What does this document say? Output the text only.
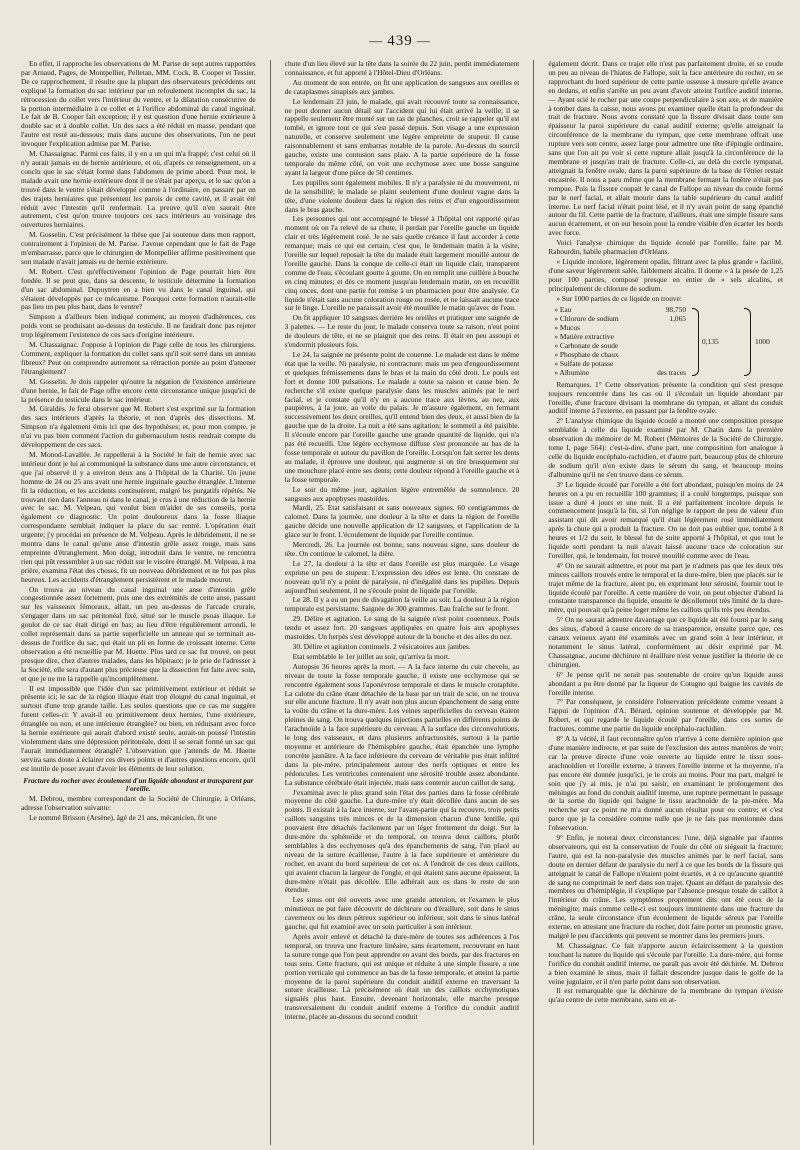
— 439 —

En effet, il rapproche les observations de M. Parise de sept autres rapportées par Arnaud, Pages, de Montpellier, Pelletan, MM. Cock, B. Cooper et Tessier. De ce rapprochement, il résulte que la plupart des observateurs précédents ont expliqué la formation du sac intérieur par un refoulement incomplet du sac, la rétrocession du collet vers l'intérieur du ventre, et la dilatation consécutive de la portion intermédiaire à ce collet et à l'orifice abdominal du canal inguinal. Le fait de B. Cooper fait exception; il y est question d'une hernie extérieure à double sac et à double collet. Un des sacs a été réduit en masse, pendant que l'autre est resté au-dessous; mais dans aucune des observations, l'on ne peut invoquer l'explication admise par M. Parise.

M. Chassaignac. Parmi ces faits, il y en a un qui m'a frappé; c'est celui où il n'y aurait jamais eu de hernie antérieure, et où, d'après ce renseignement, on a conclu que le sac s'était formé dans l'abdomen de prime abord. Pour moi, le malade avait une hernie extérieure dont il ne s'était par aperçu, et le sac qu'on a trouvé dans le ventre s'était développé comme à l'ordinaire, en passant par un des trajets herniaires que présentent les parois de cette cavité, et il avait été réduit avec l'intestin qu'il renfermait. La preuve qu'il n'en saurait être autrement, c'est qu'on trouve toujours ces sacs intérieurs au voisinage des ouvertures herniaires.

M. Gosselin. C'est précisément la thèse que j'ai soutenue dans mon rapport, contrairement à l'opinion de M. Parise. J'avoue cependant que le fait de Page m'embarrasse, parce que le chirurgien de Montpellier affirme positivement que son malade n'avait jamais eu de hernie extérieure.

M. Robert. C'est qu'effectivement l'opinion de Page pourrait bien être fondée. Il se peut que, dans sa descente, le testicule détermine la formation d'un sac abdominal. Dupuytren en a bien vu dans le canal inguinal, qui s'étaient développés par ce mécanisme. Pourquoi cette formation n'aurait-elle pas lieu un peu plus haut, dans le ventre?

Simpson a d'ailleurs bien indiqué comment, au moyen d'adhérences, ces poids vont se produisant au-dessus du testicule. Il ne faudrait donc pas rejeter trop légèrement l'existence de ces sacs d'origine intérieure.

M. Chassaignac. J'oppose à l'opinion de Page celle de tous les chirurgiens. Comment, expliquer la formation du collet sans qu'il soit serré dans un anneau fibreux? Peut on comprendre autrement sa rétraction portée au point d'amener l'étranglement?

M. Gosselin. Je dois rappeler qu'outre la négation de l'existence antérieure d'une hernie, le fait de Page offre encore cette circonstance unique jusqu'ici de la présence du testicule dans le sac intérieur.

M. Giraldès. Je ferai observer que M. Robert s'est exprimé sur la formation des sacs intérieurs d'après la théorie, et non d'après des dissections. M. Simpson n'a également émis ici que des hypothèses; et, pour mon compte, je n'ai vu pas bien comment l'action du gubernaculum testis rendrait compte du développement de ces sacs.

M. Monod-Lavallée. Je rappellerai à la Société le fait de hernie avec sac intérieur dont je lui ai communiqué la substance dans une autre circonstance, et que j'ai observé il y a environ deux ans à l'hôpital de la Charité. Un jeune homme de 24 ou 25 ans avait une hernie inguinale gauche étranglée. L'interne fit la réduction, et les accidents continuèrent, malgré les purgatifs répétés. Ne trouvant rien dans l'anneau ni dans le canal, je crus à une réduction de la hernie avec le sac. M. Velpeau, qui voulut bien m'aider de ses conseils, porta également ce diagnostic. Un point douloureux dans la fosse iliaque correspondante semblait indiquer la place du sac rentré. L'opération était urgente; j'y procédai en présence de M. Velpeau. Après le débridement, il ne se montra dans le canal qu'une anse d'intestin grêle assez rouge, mais sans empreinte d'étranglement. Mon doigt, introduit dans le ventre, ne rencontra rien qui pût ressembler à un sac réduit sur le viscère étranglé. M. Velpeau, à ma prière, examina l'état des choses, fit un nouveau débridement et ne fut pas plus heureux. Les accidents d'étranglement persistèrent et le malade mourut.

On trouva au niveau du canal inguinal une anse d'intestin grêle congestionnée assez fortement, puis une des extrémités de cette anse, passant sur les vaisseaux fémoraux, allait, un peu au-dessus de l'arcade crurale, s'engager dans un sac péritonéal fixé, situé sur le muscle psoas iliaque. Le goulot de ce sac était dirigé en bas; au lieu d'être régulièrement arrondi, le collet représentait dans sa partie superficielle un anneau qui se terminait au-dessus de l'orifice du sac, qui était un pli en forme de croissant interne. Cette observation a été recueillie par M. Huette. Plus tard ce sac fut trouvé, on peut presque dire, chez d'autres malades, dans les hôpitaux; je le prie de l'adresser à la Société, elle sera d'autant plus précieuse que la dissection fut faite avec soin, et que je ne me la rappelle qu'incomplètement.

Il est impossible que l'idée d'un sac primitivement extérieur et réduit se présente ici; le sac de la région iliaque était trop éloigné du canal inguinal, et surtout d'une trop grande taille. Les seules questions que ce cas me suggère furent celles-ci: Y avait-il eu primitivement deux hernies, l'une extérieure, étranglée ou non, et une intérieure étranglée? ou bien, en réduisant avec force la hernie extérieure qui aurait d'abord existé seule, aurait-on poussé l'intestin violemment dans une dépression péritonéale, dont il se serait formé un sac qui l'aurait immédiatement étranglé? L'observation que j'attends de M. Huette servira sans doute à éclairer ces divers points et d'autres questions encore, qu'il est inutile de poser avant d'avoir les éléments de leur solution.

Fracture du rocher avec écoulement d'un liquide abondant et transparent par l'oreille.

M. Debrou, membre correspondant de la Société de Chirurgie, à Orléans, adresse l'observation suivante:

Le nommé Brisson (Arsène), âgé de 21 ans, mécanicien, fit une

chute d'un lieu élevé sur la tête dans la soirée du 22 juin, perdit immédiatement connaissance, et fut apporté à l'Hôtel-Dieu d'Orléans.

Au moment de son entrée, on fit une application de sangsues aux oreilles et de cataplasmes sinapisés aux jambes.

Le lendemain 23 juin, le malade, qui avait recouvré toute sa connaissance, ne peut donner aucun détail sur l'accident qui lui était arrivé la veille; il se rappelle seulement être monté sur un tas de planches, croit se rappeler qu'il est tombé, et ignore tout ce qui s'est passé depuis. Son visage a une expression naturelle, et conserve seulement une légère empreinte de stupeur. Il cause raisonnablement et sans embarras notable de la parole. Au-dessus du sourcil gauche, existe une contusion sans plaie. A la partie supérieure de la fosse temporale du même côté, on voit une ecchymose avec une bosse sanguine ayant la largeur d'une pièce de 50 centimes.

Les pupilles sont également mobiles. Il n'y a paralysie ni du mouvement, ni de la sensibilité; le malade se plaint seulement d'une douleur vague dans la tête, d'une violente douleur dans la région des reins et d'un engourdissement dans le bras gauche.

Les personnes qui ont accompagné le blessé à l'hôpital ont rapporté qu'au moment où on l'a relevé de sa chute, il perdait par l'oreille gauche un liquide clair et très légèrement rosé. Je ne sais quelle créance il faut accorder à cette remarque; mais ce qui est certain, c'est que, le lendemain matin à la visite, l'oreille sur lequel reposait la tête du malade était largement mouillé autour de l'oreille gauche. Dans la conque de celle-ci était un liquide clair, transparent comme de l'eau, s'écoulant goutte à goutte. On en remplit une cuillère à bouche en cinq minutes; et dès ce moment jusqu'au lendemain matin, on en recueillit cinq onces, dont une partie fut remise à un pharmacien pour être analysée. Ce liquide n'était sans aucune coloration rouge ou rosée, et ne laissait aucune trace sur le linge. L'oreille ne paraissait avoir été mouillée le matin qu'avec de l'eau.

On fit appliquer 10 sangsues derrière les oreilles et pratiquer une saignée de 3 palettes. — Le reste du jour, le malade conserva toute sa raison, n'eut point de douleurs de tête, et ne se plaignit que des reins. Il était en peu assoupi et s'endormit plusieurs fois.

Le 24, la saignée ne présente point de couenne. Le malade est dans le même état que la veille. Ni paralysie, ni contracture; mais un peu d'engourdissement et quelques frémissements dans le bras et la main du côté droit. Le pouls est fort et donne 100 pulsations. Le malade a toute sa raison et cause bien. Je recherche s'il existe quelque paralysie dans les muscles animés par le nerf facial, et je constate qu'il n'y en a aucune trace aux lèvres, au nez, aux paupières, à la joue, au voile du palais. Je m'assure également, en fermant successivement les deux oreilles, qu'il entend bien des deux, et aussi bien de la gauche que de la droite. La nuit a été sans agitation; le sommeil a été paisible. Il s'écoule encore par l'oreille gauche une grande quantité de liquide, qui n'a pas été recueilli. Une légère ecchymose diffuse s'est prononcée au bas de la fosse temporale et autour du pavillon de l'oreille. Lorsqu'on fait serrer les dents au malade, il éprouve une douleur, qui augmente si on tire brusquement sur une mouchure placé entre ses dents; cette douleur répond à l'oreille gauche et à la fosse temporale.

Le soir du même jour, agitation légère entremêlée de somnolence. 20 sangsues aux apophyses mastoïdes.

Mardi, 25. Etat satisfaisant et sans nouveaux signes. 60 centigrammes de calomel. Dans la journée, une douleur à la tête et dans la région de l'oreille gauche décide une nouvelle application de 12 sangsues, et l'application de la glace sur le front. L'écoulement de liquide par l'oreille continue.

Mercredi, 26. La journée est bonne, sans nouveau signe, sans douleur de tête. On continue le calomel, la diète.

Le 27, la douleur à la tête et dans l'oreille est plus marquée. Le visage exprime un peu de stupeur. L'expression des idées est lente. On constate de nouveau qu'il n'y a point de paralysie, ni d'inégalité dans les pupilles. Depuis aujourd'hui seulement, il ne s'écoule point de liquide par l'oreille.

Le 28. Il y a eu un peu de divagation la veille au soir. La douleur à la région temporale est persistante. Saignée de 300 grammes. Eau fraîche sur le front.

29. Délire et agitation. Le sang de la saignée n'est point couenneux. Pouls tendu et assez fort. 20 sangsues appliquées en quatre fois aux apophyses mastoïdes. Un herpès s'est développé autour de la bouche et des ailes du nez.

30. Délire et agitation continuels. 2 vésicatoires aux jambes.

Etat semblable le 1er juillet au soir, qu'arriva la mort.

Autopsie 36 heures après la mort. — A la face interne du cuir chevelu, au niveau de toute la fosse temporale gauche, il existe une ecchymose qui se rencontre également sous l'aponévrose temporale et dans le muscle crotaphite. La calotte du crâne étant détachée de la base par un trait de scie, on ne trouva sur elle aucune fracture. Il n'y avait non plus aucun épanchement de sang entre la voûte du crâne et la dure-mère. Les veines superficielles du cerveau étaient pleines de sang. On trouva quelques injections partielles en différents points de l'arachnoïde à la face supérieure du cerveau. A la surface des circonvolutions, le long des vaisseaux, et dans plusieurs anfractuosités, surtout à la partie moyenne et antérieure de l'hémisphère gauche, était épanchée une lymphe concrète jaunâtre. A la face inférieure du cerveau de véritable pus était infiltré dans la pie-mère, principalement autour des nerfs optiques et entre les pédoncules. Les ventricules contenaient une sérosité trouble assez abondante. La substance cérébrale était injectée, mais sans contenir aucun caillot de sang.

J'examinai avec le plus grand soin l'état des parties dans la fosse cérébrale moyenne du côté gauche. La dure-mère n'y était décollée dans aucun de ses points. Il existait à la face interne, sur l'avant-partie qui la recouvre, trois petits caillots sanguins très minces et de la dimension chacun d'une lentille, qui pouvaient être détachés facilement par un léger frottement du doigt. Sur la dure-mère du sphénoïde et du temporal, on trouva deux caillots, plutôt semblables à des ecchymoses qu'à des épanchements de sang, l'un placé au niveau de la suture écailleuse, l'autre à la face supérieure et antérieure du rocher, en avant du bord supérieur de cet os. A l'endroit de ces deux caillots, qui avaient chacun la largeur de l'ongle, et qui étaient sans aucune épaisseur, la dure-mère n'était pas décollée. Elle adhérait aux os dans le reste de son étendue.

Les sinus ont été ouverts avec une grande attention, et l'examen le plus minutieux ne put faire découvrir de déchirure ou d'éraillure, soit dans le sinus caverneux ou les deux pétreux supérieur ou inférieur, soit dans le sinus latéral gauche, qui fut examiné avec un soin particulier à son intérieur.

Après avoir enlevé et détaché la dure-mère de toutes ses adhérences à l'os temporal, on trouva une fracture linéaire, sans écartement, recouvrant en haut la suture ronge que l'on peut apprendre en avant des bords, par des fractures en tous sens. Cette fracture, qui est unique et réduite à une simple fissure, a une portion verticale qui commence au bas de la fosse temporale, et atteint la partie moyenne de la paroi supérieure du conduit auditif externe en traversant la suture écailleuse. Là précisément où était un des caillots ecchymotiques signalés plus haut. Ensuite, devenant horizontale, elle marche presque transversalement du conduit auditif externe à l'orifice du conduit auditif interne, placée au-dessous du second conduit

également décrit. Dans ce trajet elle n'est pas parfaitement droite, et se coude un peu au niveau de l'hiatus de Fallope, suit la face antérieure du rocher, en se rapprochant du bord supérieur de cette partie osseuse à mesure qu'elle avance en dedans, et enfin s'arrête un peu avant d'avoir atteint l'orifice auditif interne. — Ayant scié le rocher par une coupe perpendiculaire à son axe, et de manière à tomber dans la caisse, nous avons pu examiner quelle était la profondeur du trait de fracture. Nous avons constaté que la fissure divisait dans toute son épaisseur la paroi supérieure du canal auditif externe; qu'elle atteignait la circonférence de la membrane du tympan, que cette membrane offrait une rupture vers son centre, assez large pour admettre une tête d'épingle ordinaire, sans que l'on ait pu voir si cette rupture allait jusqu'à la circonférence de la membrane et jusqu'au trait de fracture. Celle-ci, au delà du cercle tympanal, atteignait la fenêtre ovale, dans la paroi supérieure de la base de l'étrier restait encastrée. Il nous a paru même que la membrane fermant la fenêtre n'était pas rompue. Puis la fissure coupait le canal de Fallope au niveau du coude formé par le nerf facial, et allait mourir dans la table supérieure du canal auditif interne. Le nerf facial n'était point lésé, et il n'y avait point de sang épanché autour du fil. Cette partie de la fracture, d'ailleurs, était une simple fissure sans aucun écartement, et on eut besoin pour la rendre visible d'en écarter les bords avec force.

Voici l'analyse chimique du liquide écoulé par l'oreille, faite par M. Rabourdin, habile pharmacien d'Orléans.

« Liquide incolore, légèrement opalin, filtrant avec la plus grande » facilité, d'une saveur légèrement salée, faiblement alcalin. Il donne » à la pesée de 1,25 pour 100 parties, composé presque en entier de » sels alcalins, et principalement de chlorure de sodium.

» Sur 1000 parties de ce liquide on trouve:

» Eau	98,750
» Chlorure de sodium	1,065
» Mucus
» Matière extractive
» Carbonate de soude
» Phosphate de chaux
» Sulfate de potasse
» Albumine	des traces
0,135	1000

Remarques. 1° Cette observation présente la condition qui s'est presque toujours rencontrée dans les cas où il s'écoulait un liquide abondant par l'oreille, d'une fracture divisant la membrane du tympan, et allant du conduit auditif interne à l'externe, en passant par la fenêtre ovale.

2° L'analyse chimique du liquide écoulé a montré une composition presque semblable à celle du liquide examiné par M. Chatin dans la première observation du mémoire de M. Robert (Mémoires de la Société de Chirurgie, tome I, page 564): c'est-à-dire, d'une part, une composition fort analogue à celle du liquide encéphalo-rachidien, et d'autre part, beaucoup plus de chlorure de sodium qu'il n'en existe dans le sérum du sang, et beaucoup moins d'albumine qu'il ne s'en trouve dans ce sérum.

3° Le liquide écoulé par l'oreille a été fort abondant, puisqu'en moins de 24 heures on a pu en recueillir 100 grammes; il a coulé longtemps, puisque son issue a duré 4 jours et une nuit. Il a été parfaitement incolore depuis le commencement jusqu'à la fin, si l'on néglige le rapport de peu de valeur d'un assistant qui dit avoir remarqué qu'il était légèrement rosé immédiatement après la chute qui a produit la fracture. On ne doit pas oublier que, tombé à 8 heures et 1/2 du soir, le blessé fut de suite apporté à l'hôpital, et que tout le liquide sorti pendant la nuit n'avait laissé aucune trace de coloration sur l'oreiller, qui, le lendemain, fut trouvé mouillé comme avec de l'eau.

4° On ne saurait admettre, et pour ma part je n'admets pas que les deux très minces caillots trouvés entre le temporal et la dure-mère, bien que placés sur le trajet même de la fracture, aient pu, en exprimant leur sérosité, fournir tout le liquide écoulé par l'oreille. A cette manière de voir, on peut objecter d'abord la constante transparence du liquide, ensuite le décollement très limité de la dure-mère, qui pouvait qu'à peine loger même les caillots qu'ils très peu étendus.

5° On ne saurait admettre davantage que ce liquide ait été fourni par le sang des sinus, d'abord à cause encore de sa transparence, ensuite parce que, ces canaux veineux ayant été examinés avec un grand soin à leur intérieur, et notamment le sinus latéral, conformément au désir exprimé par M. Chassaignac, aucune déchirure ni éraillure n'est venue justifier la théorie de ce chirurgien.

6° Je pense qu'il ne serait pas soutenable de croire qu'un liquide aussi abondant a pu être donné par la liqueur de Cotugno qui baigne les cavités de l'oreille interne.

7° Par conséquent, je considère l'observation précédente comme venant à l'appui de l'opinion d'A. Bérard, opinion soutenue et développée par M. Robert, et qui regarde le liquide écoulé par l'oreille, dans ces sortes de fractures, comme une partie du liquide encéphalo-rachidien.

8° A la vérité, il faut reconnaître qu'on n'arrive à cette dernière opinion que d'une manière indirecte, et par suite de l'exclusion des autres manières de voir; car la preuve directe d'une voie ouverte au liquide entre le tissu sous-arachnoïdien et l'oreille externe, à travers l'oreille interne et la moyenne, n'a pas encore été donnée jusqu'ici, je le crois au moins. Pour ma part, malgré le soin que j'y ai mis, je n'ai pu saisir, en examinant le prolongement des méninges au fond du conduit auditif interne, une rupture permettant le passage de la sortie du liquide qui baigne le tissu arachnoïde de la pie-mère. Ma recherche sur ce point ne m'a donné aucun résultat pour ou contre; et c'est parce que je la considère comme nulle que je ne fais pas mentionnée dans l'observation.

9° Enfin, je noterai deux circonstances: l'une, déjà signalée par d'autres observateurs, qui est la conservation de l'ouïe du côté où siégeait la fracture; l'autre, qui est la non-paralysie des muscles animés par le nerf facial, sans doute en dernier défaut de paralysie du nerf à ce que les bords de la fissure qui atteignait le canal de Fallope n'étaient point écartés, et à ce qu'aucune quantité de sang ne comprimait le nerf dans son trajet. Quant au défaut de paralysie des membres ou d'hémiplégie, il s'explique par l'absence presque totale de caillot à l'intérieur du crâne. Les symptômes proprement dits ont été ceux de la méningite; mais comme celle-ci est toujours imminente dans une fracture du crâne, la seule circonstance d'un écoulement de liquide séreux par l'oreille externe, en attestant une fracture du rocher, doit faire porter un pronostic grave, malgré le peu d'accidents qui peuvent se montrer dans les premiers jours.

M. Chassaignac. Ce fait n'apporte aucun éclaircissement à la question touchant la nature du liquide qui s'écoule par l'oreille. La dure-mère, qui forme l'orifice du conduit auditif interne, ne paraît pas avoir été déchirée. M. Debrou a bien examiné le sinus, mais il fallait descendre jusque dans le golfe de la veine jugulaire, et il n'en parle point dans son observation.

Il est remarquable que la déchirure de la membrane du tympan n'existe qu'au centre de cette membrane, sans en at-
